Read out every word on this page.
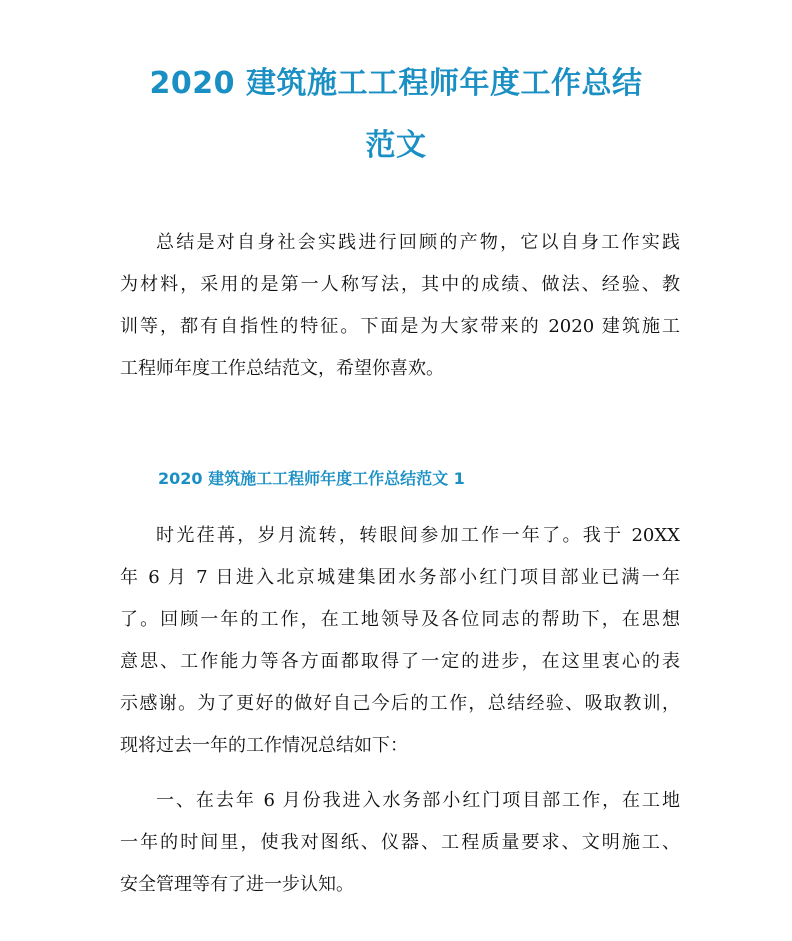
2020 建筑施工工程师年度工作总结
范文
总结是对自身社会实践进行回顾的产物，它以自身工作实践
为材料，采用的是第一人称写法，其中的成绩、做法、经验、教
训等，都有自指性的特征。下面是为大家带来的 2020 建筑施工
工程师年度工作总结范文，希望你喜欢。
2020 建筑施工工程师年度工作总结范文 1
时光荏苒，岁月流转，转眼间参加工作一年了。我于 20XX
年 6 月 7 日进入北京城建集团水务部小红门项目部业已满一年
了。回顾一年的工作，在工地领导及各位同志的帮助下，在思想
意思、工作能力等各方面都取得了一定的进步，在这里衷心的表
示感谢。为了更好的做好自己今后的工作，总结经验、吸取教训，
现将过去一年的工作情况总结如下：
一、在去年 6 月份我进入水务部小红门项目部工作，在工地
一年的时间里，使我对图纸、仪器、工程质量要求、文明施工、
安全管理等有了进一步认知。
